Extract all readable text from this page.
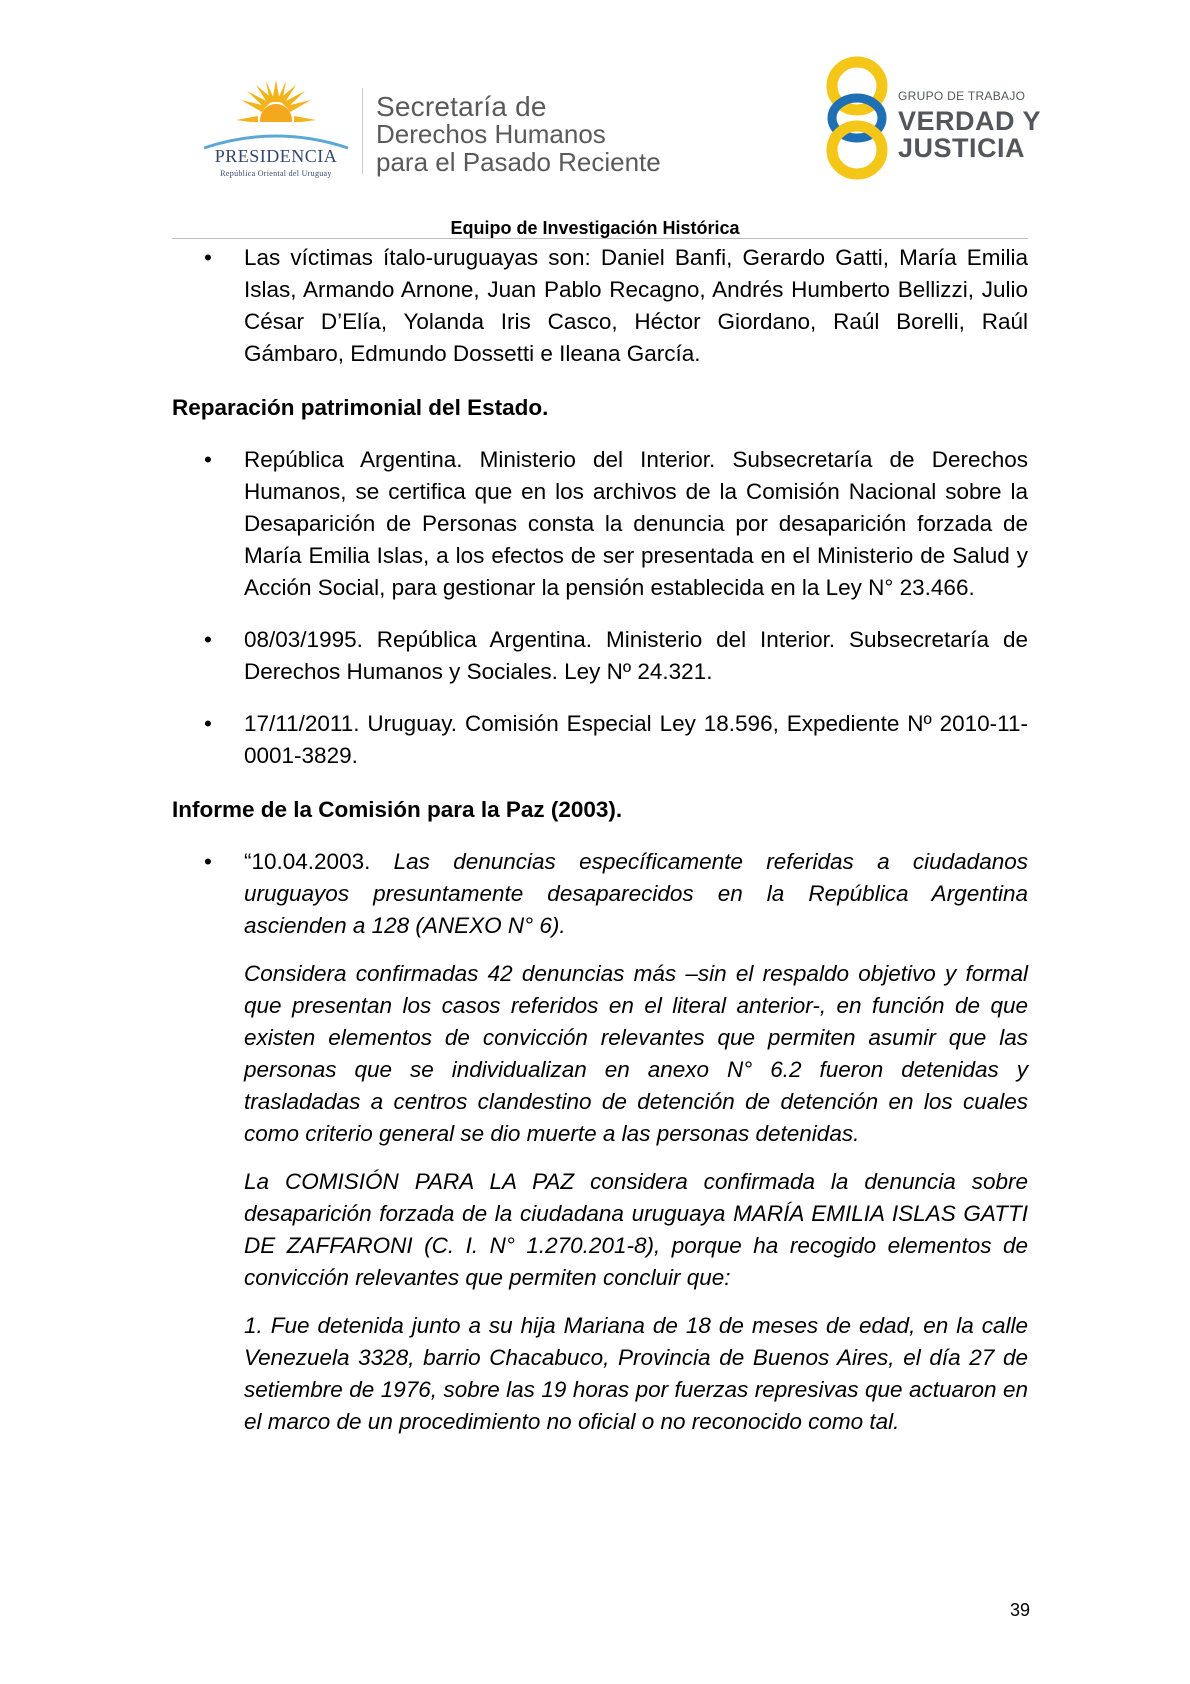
PRESIDENCIA
República Oriental del Uruguay
Secretaría de
Derechos Humanos
para el Pasado Reciente
GRUPO DE TRABAJO
VERDAD Y
JUSTICIA
Equipo de Investigación Histórica
• Las víctimas ítalo-uruguayas son: Daniel Banfi, Gerardo Gatti, María Emilia Islas, Armando Arnone, Juan Pablo Recagno, Andrés Humberto Bellizzi, Julio César D’Elía, Yolanda Iris Casco, Héctor Giordano, Raúl Borelli, Raúl Gámbaro, Edmundo Dossetti e Ileana García.
Reparación patrimonial del Estado.
• República Argentina. Ministerio del Interior. Subsecretaría de Derechos Humanos, se certifica que en los archivos de la Comisión Nacional sobre la Desaparición de Personas consta la denuncia por desaparición forzada de María Emilia Islas, a los efectos de ser presentada en el Ministerio de Salud y Acción Social, para gestionar la pensión establecida en la Ley N° 23.466.
• 08/03/1995. República Argentina. Ministerio del Interior. Subsecretaría de Derechos Humanos y Sociales. Ley Nº 24.321.
• 17/11/2011. Uruguay. Comisión Especial Ley 18.596, Expediente Nº 2010-11-0001-3829.
Informe de la Comisión para la Paz (2003).
• “10.04.2003. Las denuncias específicamente referidas a ciudadanos uruguayos presuntamente desaparecidos en la República Argentina ascienden a 128 (ANEXO N° 6).
Considera confirmadas 42 denuncias más –sin el respaldo objetivo y formal que presentan los casos referidos en el literal anterior-, en función de que existen elementos de convicción relevantes que permiten asumir que las personas que se individualizan en anexo N° 6.2 fueron detenidas y trasladadas a centros clandestino de detención de detención en los cuales como criterio general se dio muerte a las personas detenidas.
La COMISIÓN PARA LA PAZ considera confirmada la denuncia sobre desaparición forzada de la ciudadana uruguaya MARÍA EMILIA ISLAS GATTI DE ZAFFARONI (C. I. N° 1.270.201-8), porque ha recogido elementos de convicción relevantes que permiten concluir que:
1. Fue detenida junto a su hija Mariana de 18 de meses de edad, en la calle Venezuela 3328, barrio Chacabuco, Provincia de Buenos Aires, el día 27 de setiembre de 1976, sobre las 19 horas por fuerzas represivas que actuaron en el marco de un procedimiento no oficial o no reconocido como tal.
39
